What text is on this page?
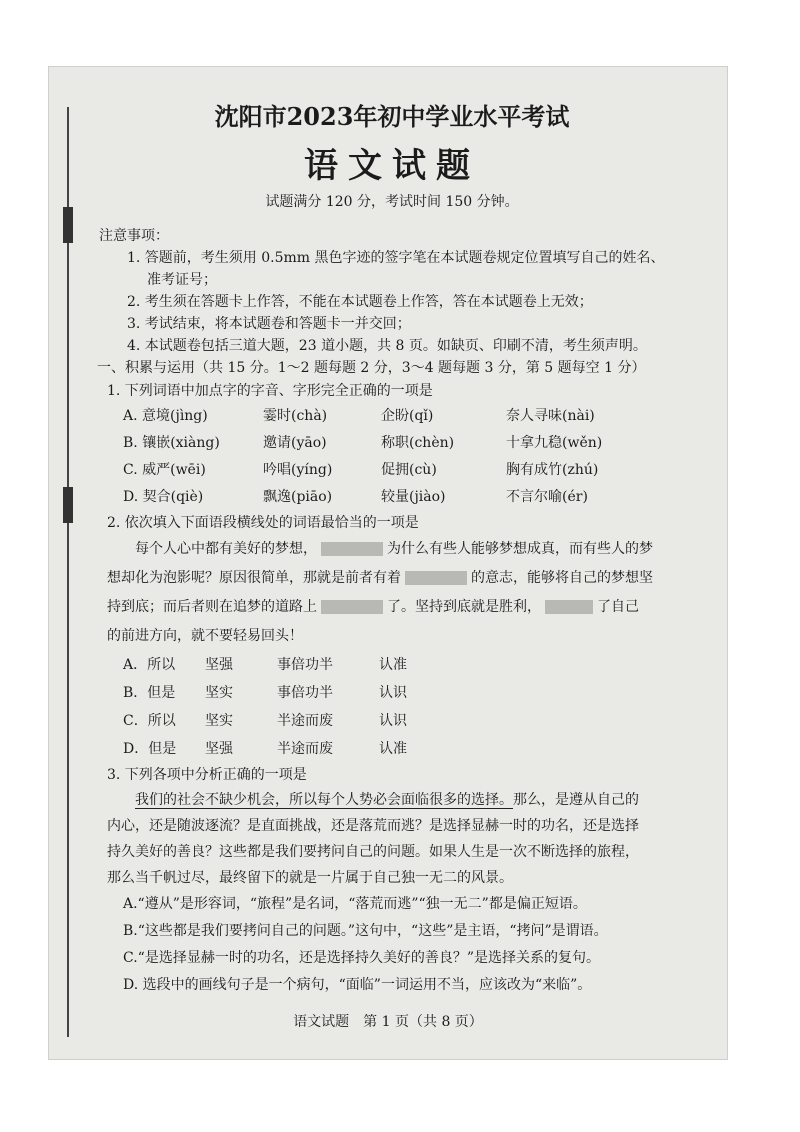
沈阳市2023年初中学业水平考试
语文试题
试题满分 120 分，考试时间 150 分钟。
注意事项：
1. 答题前，考生须用 0.5mm 黑色字迹的签字笔在本试题卷规定位置填写自己的姓名、
准考证号；
2. 考生须在答题卡上作答，不能在本试题卷上作答，答在本试题卷上无效；
3. 考试结束，将本试题卷和答题卡一并交回；
4. 本试题卷包括三道大题，23 道小题，共 8 页。如缺页、印刷不清，考生须声明。
一、积累与运用（共 15 分。1～2 题每题 2 分，3～4 题每题 3 分，第 5 题每空 1 分）
1. 下列词语中加点字的字音、字形完全正确的一项是
A. 意境(jìng)	霎时(chà)	企盼(qǐ)	奈人寻味(nài)
B. 镶嵌(xiàng)	邀请(yāo)	称职(chèn)	十拿九稳(wěn)
C. 威严(wēi)	吟唱(yíng)	促拥(cù)	胸有成竹(zhú)
D. 契合(qiè)	飘逸(piāo)	较量(jiào)	不言尔喻(ér)
2. 依次填入下面语段横线处的词语最恰当的一项是
每个人心中都有美好的梦想，	为什么有些人能够梦想成真，而有些人的梦
想却化为泡影呢？原因很简单，那就是前者有着	的意志，能够将自己的梦想坚
持到底；而后者则在追梦的道路上	了。坚持到底就是胜利，	了自己
的前进方向，就不要轻易回头！
A．所以	坚强	事倍功半	认准
B．但是	坚实	事倍功半	认识
C．所以	坚实	半途而废	认识
D．但是	坚强	半途而废	认准
3. 下列各项中分析正确的一项是
我们的社会不缺少机会，所以每个人势必会面临很多的选择。那么，是遵从自己的
内心，还是随波逐流？是直面挑战，还是落荒而逃？是选择显赫一时的功名，还是选择
持久美好的善良？这些都是我们要拷问自己的问题。如果人生是一次不断选择的旅程，
那么当千帆过尽，最终留下的就是一片属于自己独一无二的风景。
A.“遵从”是形容词，“旅程”是名词，“落荒而逃”“独一无二”都是偏正短语。
B.“这些都是我们要拷问自己的问题。”这句中，“这些”是主语，“拷问”是谓语。
C.“是选择显赫一时的功名，还是选择持久美好的善良？”是选择关系的复句。
D. 选段中的画线句子是一个病句，“面临”一词运用不当，应该改为“来临”。
语文试题　第 1 页（共 8 页）
